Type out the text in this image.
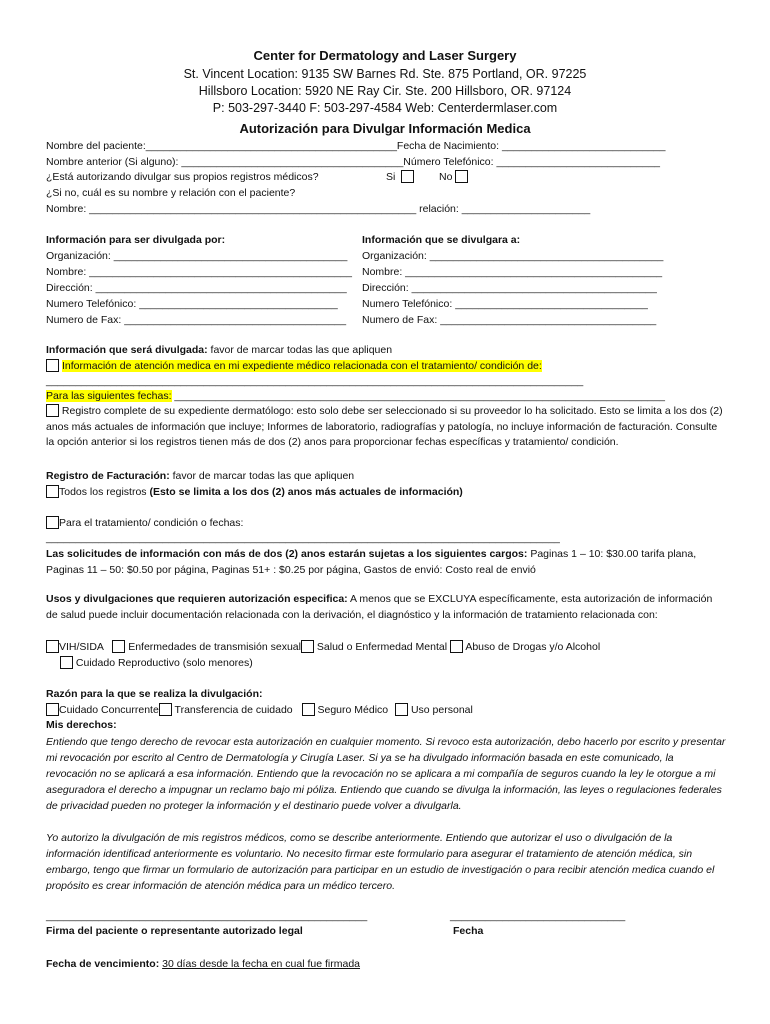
Center for Dermatology and Laser Surgery
St. Vincent Location: 9135 SW Barnes Rd. Ste. 875 Portland, OR. 97225
Hillsboro Location: 5920 NE Ray Cir. Ste. 200 Hillsboro, OR. 97124
P: 503-297-3440 F: 503-297-4584 Web: Centerdermlaser.com
Autorización para Divulgar Información Medica
Nombre del paciente:___________________________________________Fecha de Nacimiento: ____________________________
Nombre anterior (Si alguno): ______________________________________Número Telefónico: ____________________________
¿Está autorizando divulgar sus propios registros médicos?	Si	No
¿Si no, cuál es su nombre y relación con el paciente?
Nombre: ________________________________________________________ relación: ______________________
Información para ser divulgada por:
Organización: ________________________________________
Nombre: _____________________________________________
Dirección: ___________________________________________
Numero Telefónico: __________________________________
Numero de Fax: ______________________________________
Información que se divulgara a:
Organización: ________________________________________
Nombre: ____________________________________________
Dirección: __________________________________________
Numero Telefónico: _________________________________
Numero de Fax: _____________________________________
Información que será divulgada: favor de marcar todas las que apliquen
Información de atención medica en mi expediente médico relacionada con el tratamiento/ condición de:
____________________________________________________________________________________________
Para las siguientes fechas: ____________________________________________________________________________________
Registro complete de su expediente dermatólogo: esto solo debe ser seleccionado si su proveedor lo ha solicitado. Esto se limita a los dos (2) anos más actuales de información que incluye; Informes de laboratorio, radiografías y patología, no incluye información de facturación. Consulte la opción anterior si los registros tienen más de dos (2) anos para proporcionar fechas específicas y tratamiento/ condición.
Registro de Facturación: favor de marcar todas las que apliquen
Todos los registros (Esto se limita a los dos (2) anos más actuales de información)
Para el tratamiento/ condición o fechas:
________________________________________________________________________________________
Las solicitudes de información con más de dos (2) anos estarán sujetas a los siguientes cargos: Paginas 1 – 10: $30.00 tarifa plana, Paginas 11 – 50: $0.50 por página, Paginas 51+ : $0.25 por página, Gastos de envió: Costo real de envió
Usos y divulgaciones que requieren autorización especifica: A menos que se EXCLUYA específicamente, esta autorización de información de salud puede incluir documentación relacionada con la derivación, el diagnóstico y la información de tratamiento relacionada con:
VIH/SIDA Enfermedades de transmisión sexual Salud o Enfermedad Mental Abuso de Drogas y/o Alcohol
Cuidado Reproductivo (solo menores)
Razón para la que se realiza la divulgación:
Cuidado Concurrente Transferencia de cuidado Seguro Médico Uso personal
Mis derechos:
Entiendo que tengo derecho de revocar esta autorización en cualquier momento. Si revoco esta autorización, debo hacerlo por escrito y presentar mi revocación por escrito al Centro de Dermatología y Cirugía Laser. Si ya se ha divulgado información basada en este comunicado, la revocación no se aplicará a esa información. Entiendo que la revocación no se aplicara a mi compañía de seguros cuando la ley le otorgue a mi aseguradora el derecho a impugnar un reclamo bajo mi póliza. Entiendo que cuando se divulga la información, las leyes o regulaciones federales de privacidad pueden no proteger la información y el destinario puede volver a divulgarla.
Yo autorizo la divulgación de mis registros médicos, como se describe anteriormente. Entiendo que autorizar el uso o divulgación de la información identificad anteriormente es voluntario. No necesito firmar este formulario para asegurar el tratamiento de atención médica, sin embargo, tengo que firmar un formulario de autorización para participar en un estudio de investigación o para recibir atención medica cuando el propósito es crear información de atención médica para un médico tercero.
_______________________________________________________	______________________________
Firma del paciente o representante autorizado legal	Fecha
Fecha de vencimiento: 30 días desde la fecha en cual fue firmada
